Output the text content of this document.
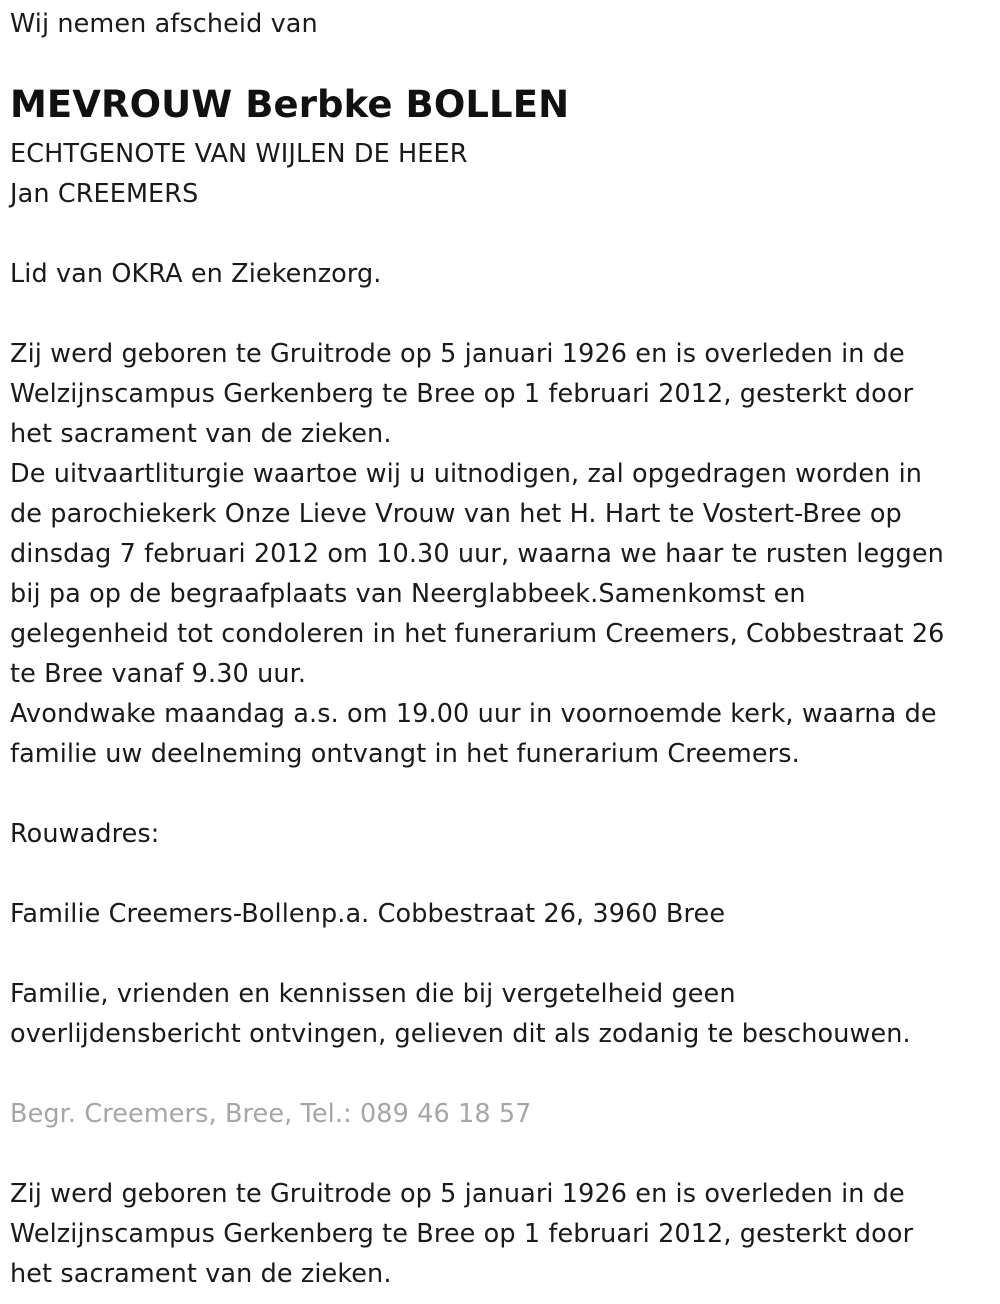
Wij nemen afscheid van
MEVROUW Berbke BOLLEN
ECHTGENOTE VAN WIJLEN DE HEER
Jan CREEMERS
Lid van OKRA en Ziekenzorg.
Zij werd geboren te Gruitrode op 5 januari 1926 en is overleden in de
Welzijnscampus Gerkenberg te Bree op 1 februari 2012, gesterkt door
het sacrament van de zieken.
De uitvaartliturgie waartoe wij u uitnodigen, zal opgedragen worden in
de parochiekerk Onze Lieve Vrouw van het H. Hart te Vostert-Bree op
dinsdag 7 februari 2012 om 10.30 uur, waarna we haar te rusten leggen
bij pa op de begraafplaats van Neerglabbeek.Samenkomst en
gelegenheid tot condoleren in het funerarium Creemers, Cobbestraat 26
te Bree vanaf 9.30 uur.
Avondwake maandag a.s. om 19.00 uur in voornoemde kerk, waarna de
familie uw deelneming ontvangt in het funerarium Creemers.
Rouwadres:
Familie Creemers-Bollenp.a. Cobbestraat 26, 3960 Bree
Familie, vrienden en kennissen die bij vergetelheid geen
overlijdensbericht ontvingen, gelieven dit als zodanig te beschouwen.
Begr. Creemers, Bree, Tel.: 089 46 18 57
Zij werd geboren te Gruitrode op 5 januari 1926 en is overleden in de
Welzijnscampus Gerkenberg te Bree op 1 februari 2012, gesterkt door
het sacrament van de zieken.
